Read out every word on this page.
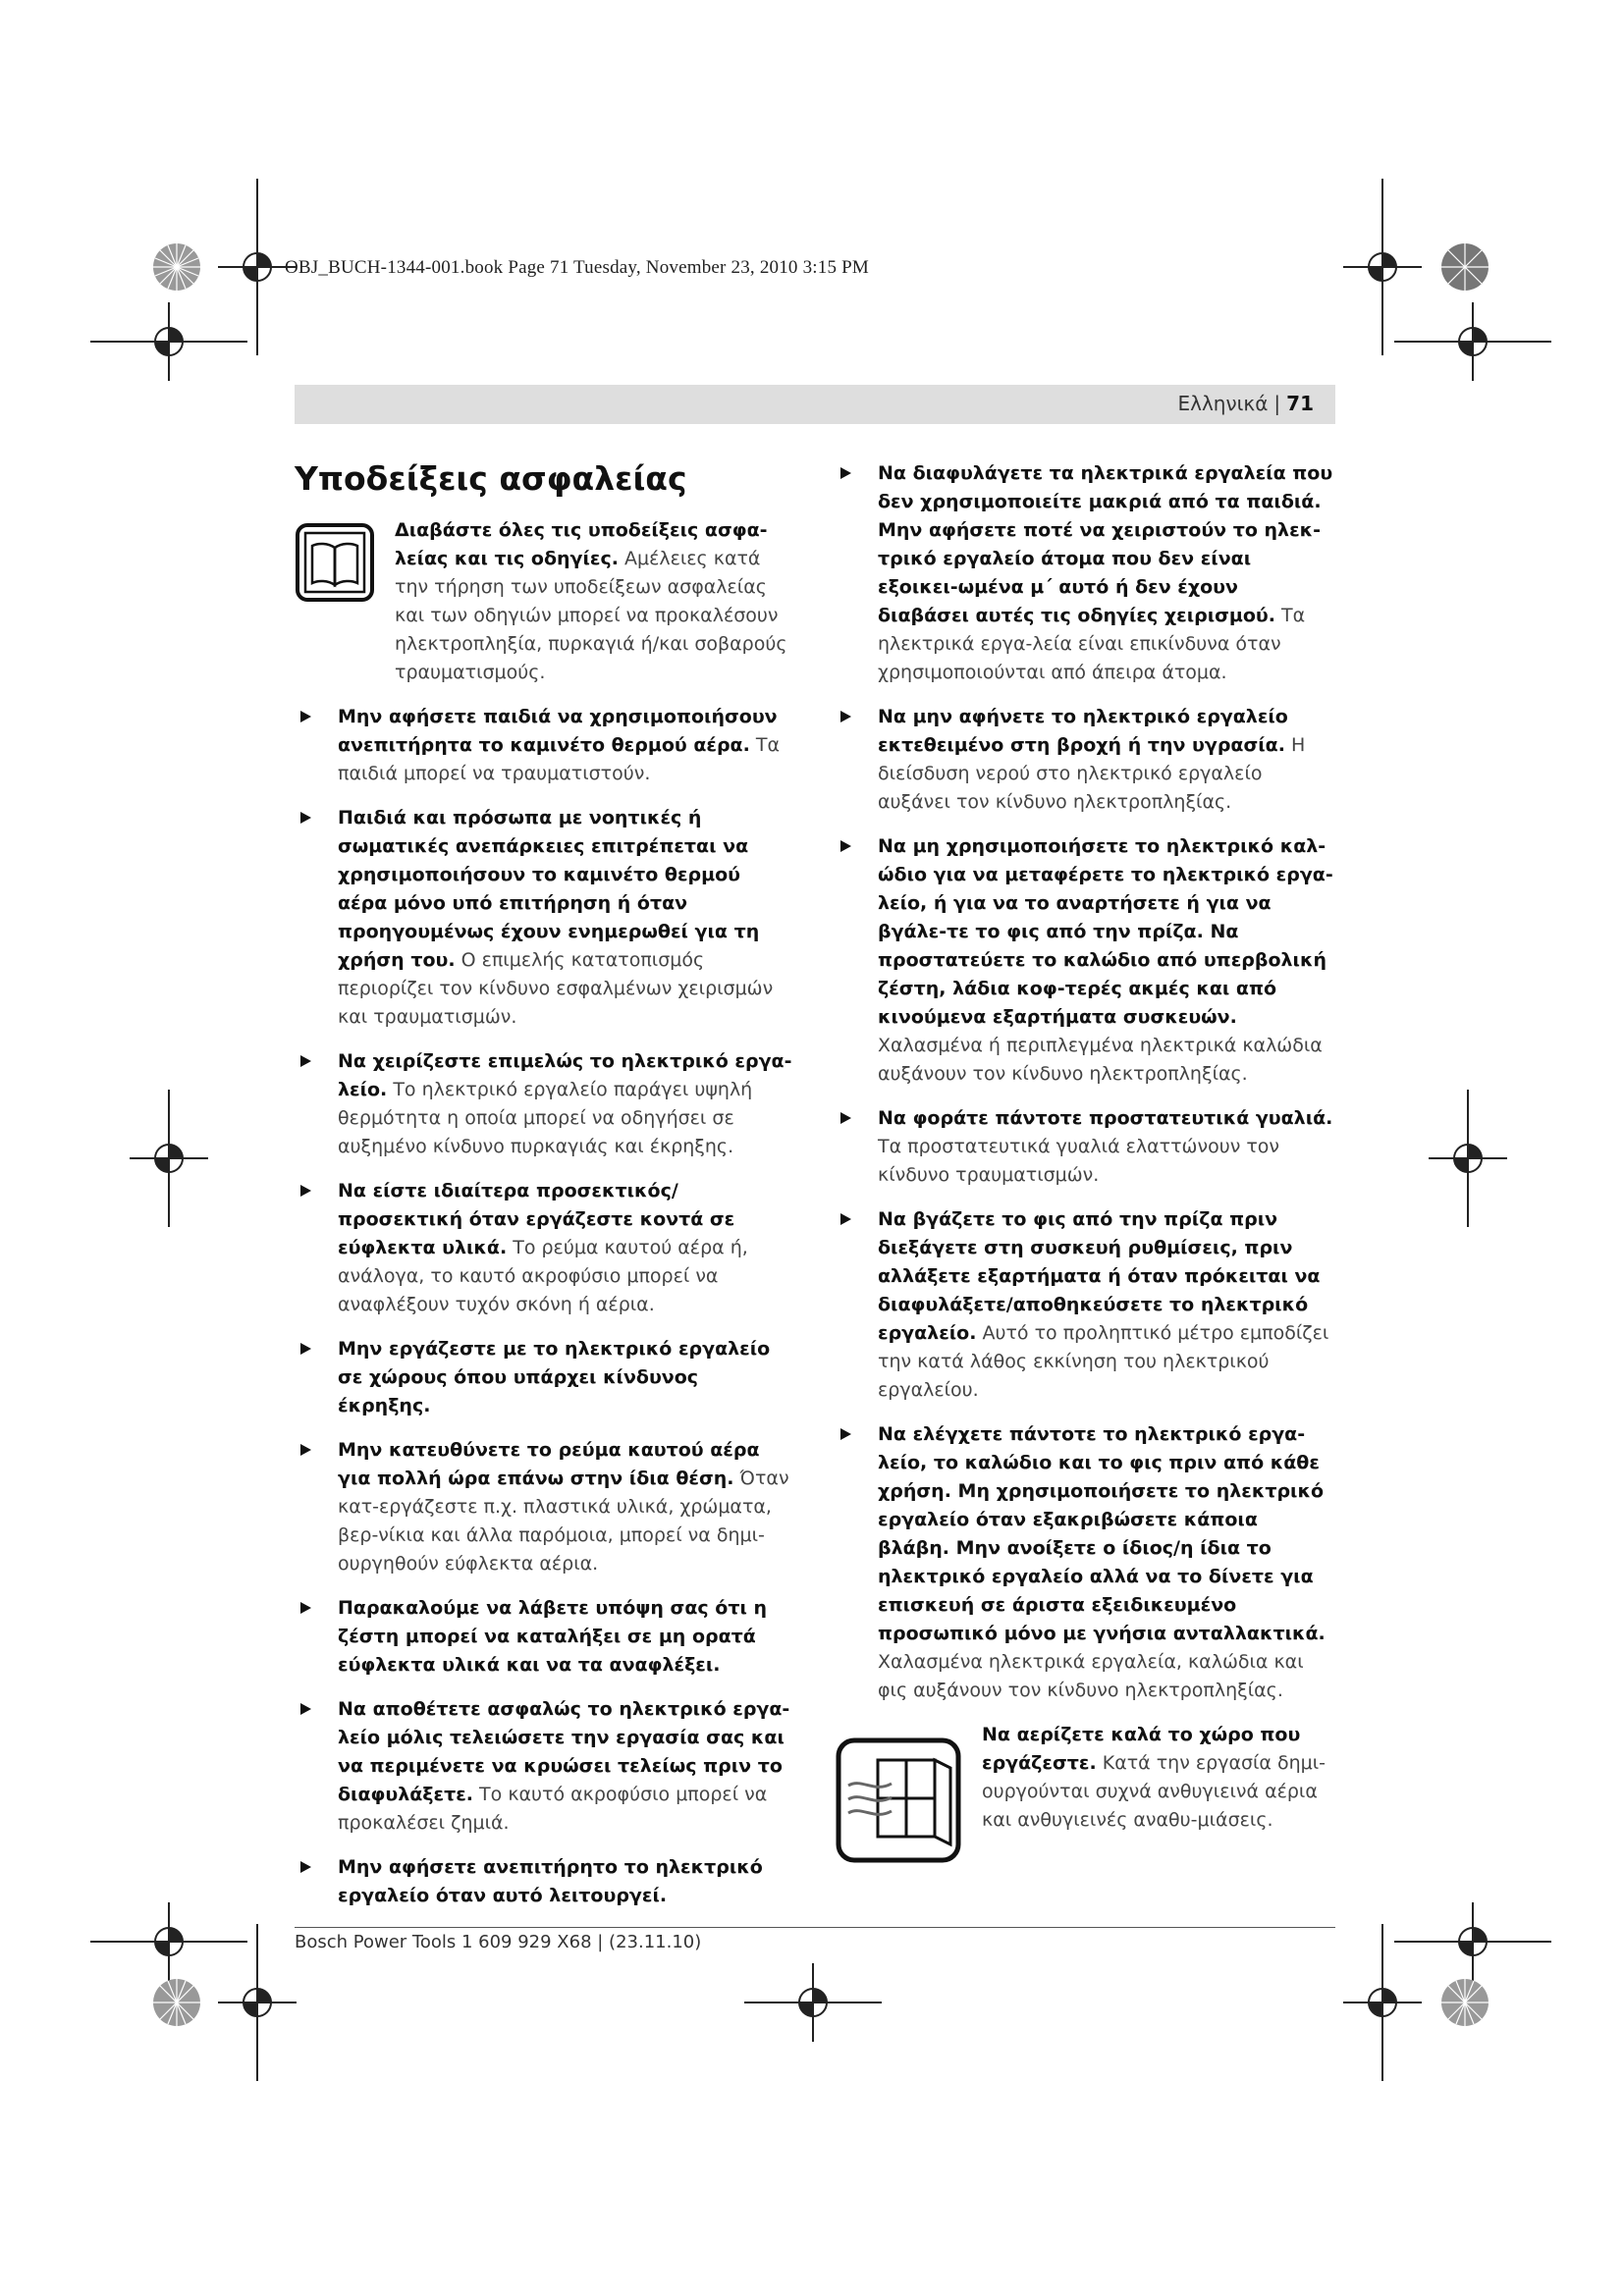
OBJ_BUCH-1344-001.book Page 71 Tuesday, November 23, 2010 3:15 PM
Ελληνικά | 71
Υποδείξεις ασφαλείας
Διαβάστε όλες τις υποδείξεις ασφα-λείας και τις οδηγίες. Αμέλειες κατά την τήρηση των υποδείξεων ασφαλείας και των οδηγιών μπορεί να προκαλέσουν ηλεκτροπληξία, πυρκαγιά ή/και σοβαρούς τραυματισμούς.
Μην αφήσετε παιδιά να χρησιμοποιήσουν ανεπιτήρητα το καμινέτο θερμού αέρα. Τα παιδιά μπορεί να τραυματιστούν.
Παιδιά και πρόσωπα με νοητικές ή σωματικές ανεπάρκειες επιτρέπεται να χρησιμοποιήσουν το καμινέτο θερμού αέρα μόνο υπό επιτήρηση ή όταν προηγουμένως έχουν ενημερωθεί για τη χρήση του. Ο επιμελής κατατοπισμός περιορίζει τον κίνδυνο εσφαλμένων χειρισμών και τραυματισμών.
Να χειρίζεστε επιμελώς το ηλεκτρικό εργα-λείο. Το ηλεκτρικό εργαλείο παράγει υψηλή θερμότητα η οποία μπορεί να οδηγήσει σε αυξημένο κίνδυνο πυρκαγιάς και έκρηξης.
Να είστε ιδιαίτερα προσεκτικός/προσεκτική όταν εργάζεστε κοντά σε εύφλεκτα υλικά. Το ρεύμα καυτού αέρα ή, ανάλογα, το καυτό ακροφύσιο μπορεί να αναφλέξουν τυχόν σκόνη ή αέρια.
Μην εργάζεστε με το ηλεκτρικό εργαλείο σε χώρους όπου υπάρχει κίνδυνος έκρηξης.
Μην κατευθύνετε το ρεύμα καυτού αέρα για πολλή ώρα επάνω στην ίδια θέση. Όταν κατ-εργάζεστε π.χ. πλαστικά υλικά, χρώματα, βερ-νίκια και άλλα παρόμοια, μπορεί να δημι-ουργηθούν εύφλεκτα αέρια.
Παρακαλούμε να λάβετε υπόψη σας ότι η ζέστη μπορεί να καταλήξει σε μη ορατά εύφλεκτα υλικά και να τα αναφλέξει.
Να αποθέτετε ασφαλώς το ηλεκτρικό εργα-λείο μόλις τελειώσετε την εργασία σας και να περιμένετε να κρυώσει τελείως πριν το διαφυλάξετε. Το καυτό ακροφύσιο μπορεί να προκαλέσει ζημιά.
Μην αφήσετε ανεπιτήρητο το ηλεκτρικό εργαλείο όταν αυτό λειτουργεί.
Να διαφυλάγετε τα ηλεκτρικά εργαλεία που δεν χρησιμοποιείτε μακριά από τα παιδιά. Μην αφήσετε ποτέ να χειριστούν το ηλεκ-τρικό εργαλείο άτομα που δεν είναι εξοικει-ωμένα μ΄ αυτό ή δεν έχουν διαβάσει αυτές τις οδηγίες χειρισμού. Τα ηλεκτρικά εργα-λεία είναι επικίνδυνα όταν χρησιμοποιούνται από άπειρα άτομα.
Να μην αφήνετε το ηλεκτρικό εργαλείο εκτεθειμένο στη βροχή ή την υγρασία. Η διείσδυση νερού στο ηλεκτρικό εργαλείο αυξάνει τον κίνδυνο ηλεκτροπληξίας.
Να μη χρησιμοποιήσετε το ηλεκτρικό καλ-ώδιο για να μεταφέρετε το ηλεκτρικό εργα-λείο, ή για να το αναρτήσετε ή για να βγάλε-τε το φις από την πρίζα. Να προστατεύετε το καλώδιο από υπερβολική ζέστη, λάδια κοφ-τερές ακμές και από κινούμενα εξαρτήματα συσκευών. Χαλασμένα ή περιπλεγμένα ηλεκτρικά καλώδια αυξάνουν τον κίνδυνο ηλεκτροπληξίας.
Να φοράτε πάντοτε προστατευτικά γυαλιά. Τα προστατευτικά γυαλιά ελαττώνουν τον κίνδυνο τραυματισμών.
Να βγάζετε το φις από την πρίζα πριν διεξάγετε στη συσκευή ρυθμίσεις, πριν αλλάξετε εξαρτήματα ή όταν πρόκειται να διαφυλάξετε/αποθηκεύσετε το ηλεκτρικό εργαλείο. Αυτό το προληπτικό μέτρο εμποδίζει την κατά λάθος εκκίνηση του ηλεκτρικού εργαλείου.
Να ελέγχετε πάντοτε το ηλεκτρικό εργα-λείο, το καλώδιο και το φις πριν από κάθε χρήση. Μη χρησιμοποιήσετε το ηλεκτρικό εργαλείο όταν εξακριβώσετε κάποια βλάβη. Μην ανοίξετε ο ίδιος/η ίδια το ηλεκτρικό εργαλείο αλλά να το δίνετε για επισκευή σε άριστα εξειδικευμένο προσωπικό μόνο με γνήσια ανταλλακτικά. Χαλασμένα ηλεκτρικά εργαλεία, καλώδια και φις αυξάνουν τον κίνδυνο ηλεκτροπληξίας.
Να αερίζετε καλά το χώρο που εργάζεστε. Κατά την εργασία δημι-ουργούνται συχνά ανθυγιεινά αέρια και ανθυγιεινές αναθυ-μιάσεις.
Bosch Power Tools 1 609 929 X68 | (23.11.10)
